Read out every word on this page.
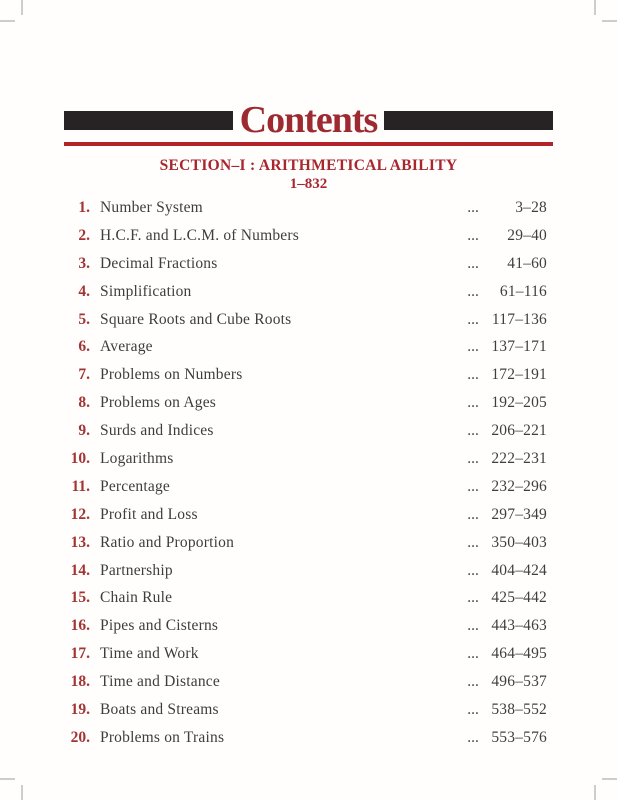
Contents
SECTION–I : ARITHMETICAL ABILITY
1–832
1. Number System	...	3–28
2. H.C.F. and L.C.M. of Numbers	...	29–40
3. Decimal Fractions	...	41–60
4. Simplification	...	61–116
5. Square Roots and Cube Roots	... 117–136
6. Average	... 137–171
7. Problems on Numbers	... 172–191
8. Problems on Ages	... 192–205
9. Surds and Indices	... 206–221
10. Logarithms	... 222–231
11. Percentage	... 232–296
12. Profit and Loss	... 297–349
13. Ratio and Proportion	... 350–403
14. Partnership	... 404–424
15. Chain Rule	... 425–442
16. Pipes and Cisterns	... 443–463
17. Time and Work	... 464–495
18. Time and Distance	... 496–537
19. Boats and Streams	... 538–552
20. Problems on Trains	... 553–576
